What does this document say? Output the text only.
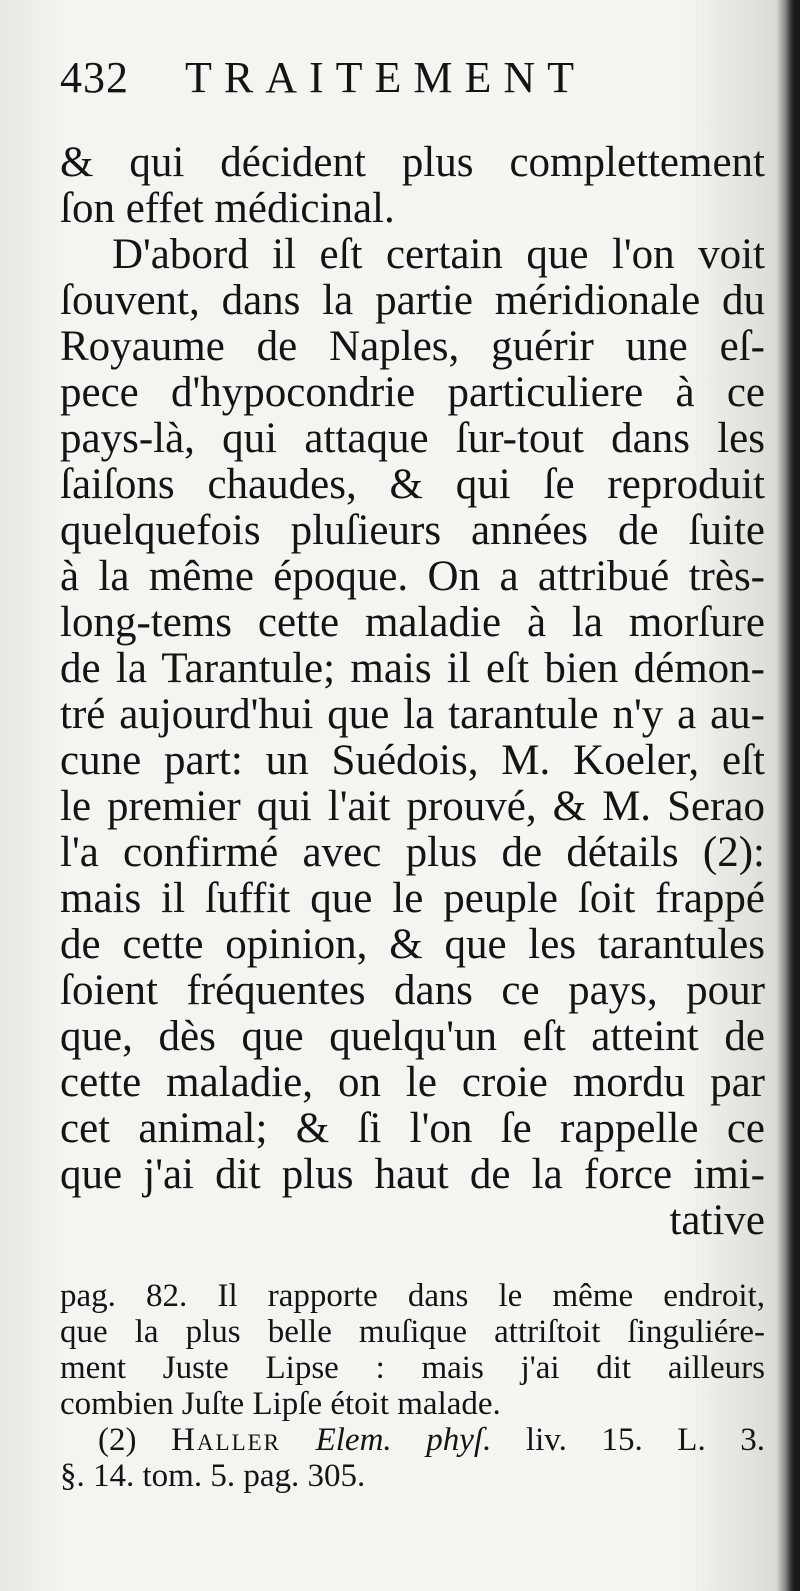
432 TRAITEMENT
& qui décident plus complettement
ſon effet médicinal.
D'abord il eſt certain que l'on voit
ſouvent, dans la partie méridionale du
Royaume de Naples, guérir une eſ-
pece d'hypocondrie particuliere à ce
pays-là, qui attaque ſur-tout dans les
ſaiſons chaudes, & qui ſe reproduit
quelquefois pluſieurs années de ſuite
à la même époque. On a attribué très-
long-tems cette maladie à la morſure
de la Tarantule; mais il eſt bien démon-
tré aujourd'hui que la tarantule n'y a au-
cune part: un Suédois, M. Koeler, eſt
le premier qui l'ait prouvé, & M. Serao
l'a confirmé avec plus de détails (2):
mais il ſuffit que le peuple ſoit frappé
de cette opinion, & que les tarantules
ſoient fréquentes dans ce pays, pour
que, dès que quelqu'un eſt atteint de
cette maladie, on le croie mordu par
cet animal; & ſi l'on ſe rappelle ce
que j'ai dit plus haut de la force imi-
tative
pag. 82. Il rapporte dans le même endroit,
que la plus belle muſique attriſtoit ſinguliére-
ment Juste Lipse : mais j'ai dit ailleurs
combien Juſte Lipſe étoit malade.
(2) Haller Elem. phyſ. liv. 15. L. 3.
§. 14. tom. 5. pag. 305.
